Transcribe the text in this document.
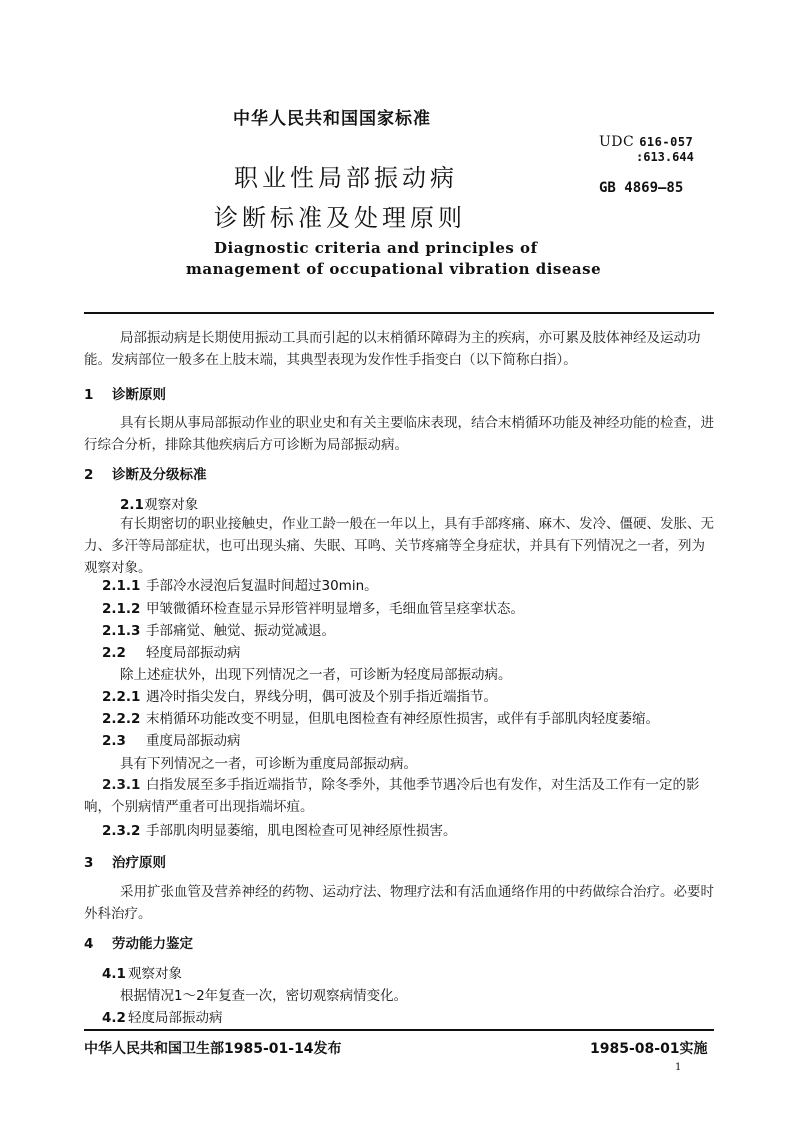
中华人民共和国国家标准
UDC 616-057
:613.644
GB 4869—85
职业性局部振动病
诊断标准及处理原则
Diagnostic criteria and principles of
management of occupational vibration disease
局部振动病是长期使用振动工具而引起的以末梢循环障碍为主的疾病，亦可累及肢体神经及运动功能。发病部位一般多在上肢末端，其典型表现为发作性手指变白（以下简称白指）。
1 诊断原则
具有长期从事局部振动作业的职业史和有关主要临床表现，结合末梢循环功能及神经功能的检查，进行综合分析，排除其他疾病后方可诊断为局部振动病。
2 诊断及分级标准
2.1 观察对象
有长期密切的职业接触史，作业工龄一般在一年以上，具有手部疼痛、麻木、发冷、僵硬、发胀、无力、多汗等局部症状，也可出现头痛、失眠、耳鸣、关节疼痛等全身症状，并具有下列情况之一者，列为观察对象。
2.1.1 手部冷水浸泡后复温时间超过30min。
2.1.2 甲皱微循环检查显示异形管袢明显增多，毛细血管呈痉挛状态。
2.1.3 手部痛觉、触觉、振动觉减退。
2.2 轻度局部振动病
除上述症状外，出现下列情况之一者，可诊断为轻度局部振动病。
2.2.1 遇冷时指尖发白，界线分明，偶可波及个别手指近端指节。
2.2.2 末梢循环功能改变不明显，但肌电图检查有神经原性损害，或伴有手部肌肉轻度萎缩。
2.3 重度局部振动病
具有下列情况之一者，可诊断为重度局部振动病。
2.3.1 白指发展至多手指近端指节，除冬季外，其他季节遇冷后也有发作，对生活及工作有一定的影响，个别病情严重者可出现指端坏疽。
2.3.2 手部肌肉明显萎缩，肌电图检查可见神经原性损害。
3 治疗原则
采用扩张血管及营养神经的药物、运动疗法、物理疗法和有活血通络作用的中药做综合治疗。必要时外科治疗。
4 劳动能力鉴定
4.1 观察对象
根据情况1～2年复查一次，密切观察病情变化。
4.2 轻度局部振动病
中华人民共和国卫生部1985-01-14发布	1985-08-01实施
1
